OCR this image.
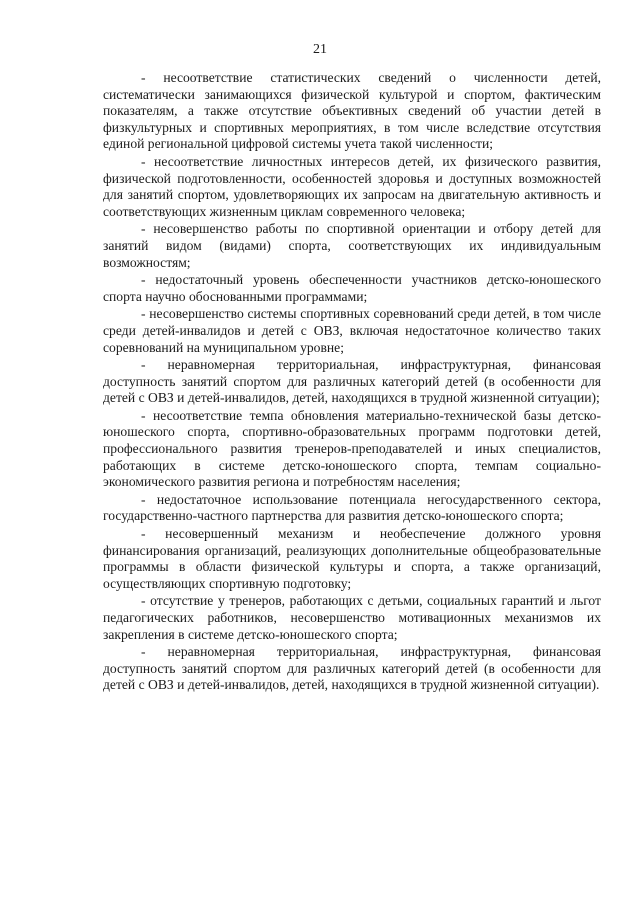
21

- несоответствие статистических сведений о численности детей, систематически занимающихся физической культурой и спортом, фактическим показателям, а также отсутствие объективных сведений об участии детей в физкультурных и спортивных мероприятиях, в том числе вследствие отсутствия единой региональной цифровой системы учета такой численности;

- несоответствие личностных интересов детей, их физического развития, физической подготовленности, особенностей здоровья и доступных возможностей для занятий спортом, удовлетворяющих их запросам на двигательную активность и соответствующих жизненным циклам современного человека;

- несовершенство работы по спортивной ориентации и отбору детей для занятий видом (видами) спорта, соответствующих их индивидуальным возможностям;

- недостаточный уровень обеспеченности участников детско-юношеского спорта научно обоснованными программами;

- несовершенство системы спортивных соревнований среди детей, в том числе среди детей-инвалидов и детей с ОВЗ, включая недостаточное количество таких соревнований на муниципальном уровне;

- неравномерная территориальная, инфраструктурная, финансовая доступность занятий спортом для различных категорий детей (в особенности для детей с ОВЗ и детей-инвалидов, детей, находящихся в трудной жизненной ситуации);

- несоответствие темпа обновления материально-технической базы детско-юношеского спорта, спортивно-образовательных программ подготовки детей, профессионального развития тренеров-преподавателей и иных специалистов, работающих в системе детско-юношеского спорта, темпам социально-экономического развития региона и потребностям населения;

- недостаточное использование потенциала негосударственного сектора, государственно-частного партнерства для развития детско-юношеского спорта;

- несовершенный механизм и необеспечение должного уровня финансирования организаций, реализующих дополнительные общеобразовательные программы в области физической культуры и спорта, а также организаций, осуществляющих спортивную подготовку;

- отсутствие у тренеров, работающих с детьми, социальных гарантий и льгот педагогических работников, несовершенство мотивационных механизмов их закрепления в системе детско-юношеского спорта;

- неравномерная территориальная, инфраструктурная, финансовая доступность занятий спортом для различных категорий детей (в особенности для детей с ОВЗ и детей-инвалидов, детей, находящихся в трудной жизненной ситуации).
